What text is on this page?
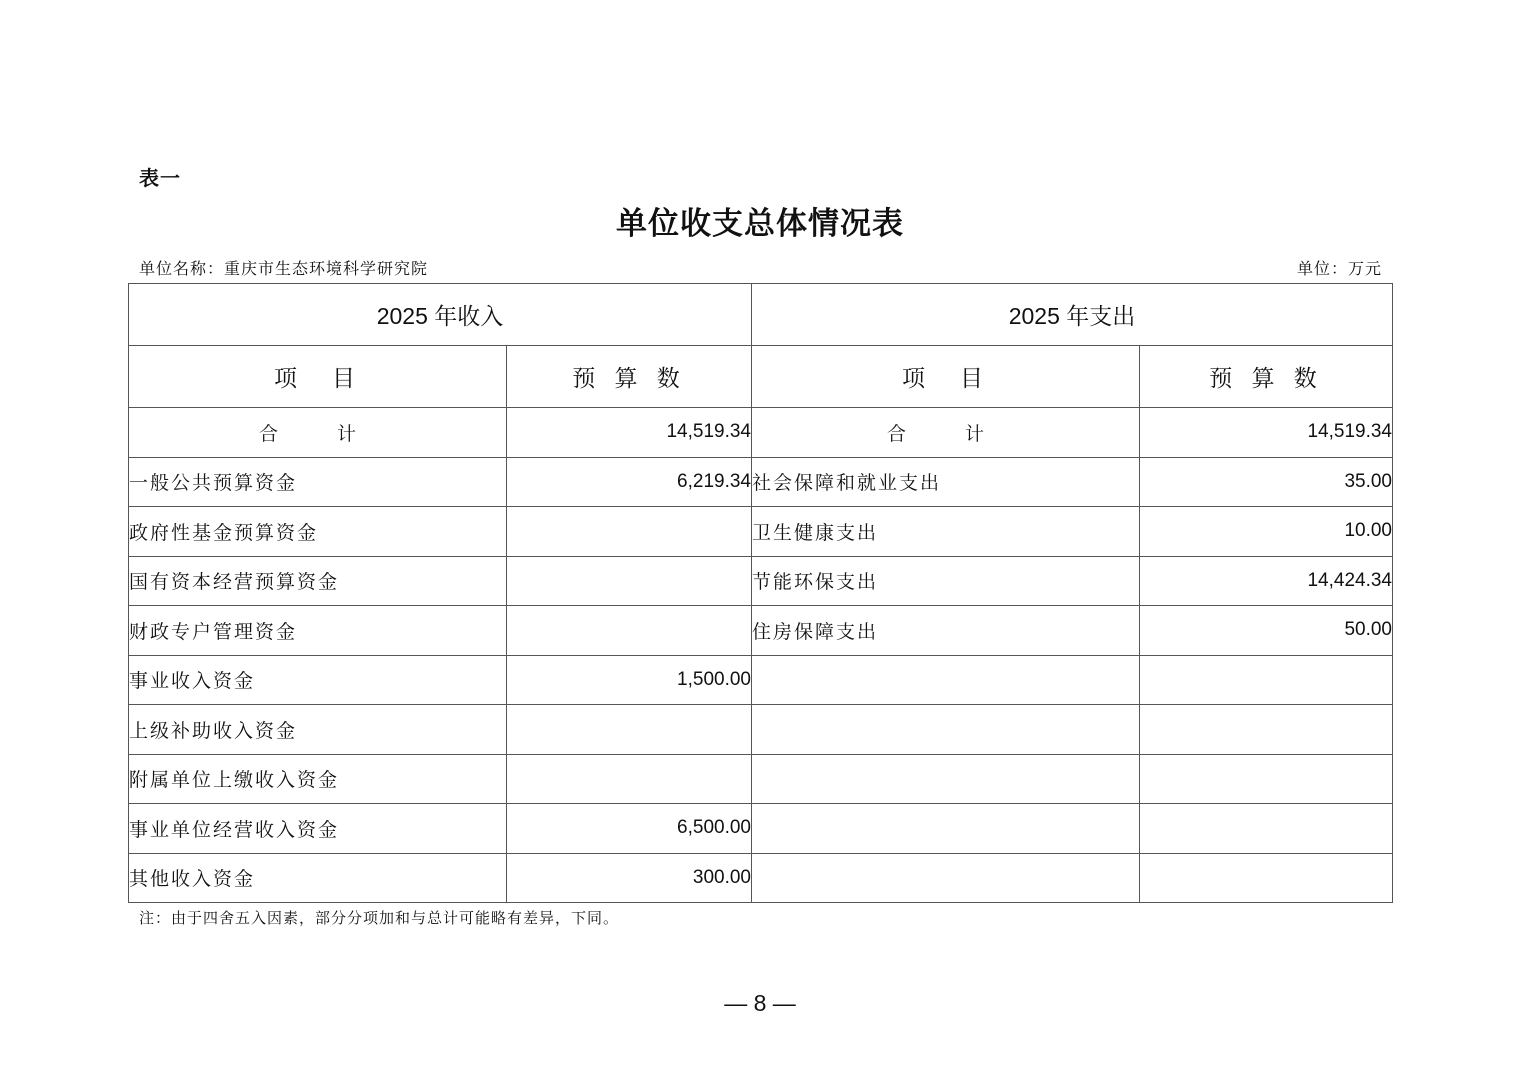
表一
单位收支总体情况表
单位名称：重庆市生态环境科学研究院	单位：万元
2025 年收入		2025 年支出	
项　目	预 算 数	项　目	预 算 数
合　计	14,519.34	合　计	14,519.34
一般公共预算资金	6,219.34	社会保障和就业支出	35.00
政府性基金预算资金		卫生健康支出	10.00
国有资本经营预算资金		节能环保支出	14,424.34
财政专户管理资金		住房保障支出	50.00
事业收入资金	1,500.00		
上级补助收入资金			
附属单位上缴收入资金			
事业单位经营收入资金	6,500.00		
其他收入资金	300.00		
注：由于四舍五入因素，部分分项加和与总计可能略有差异，下同。
— 8 —
